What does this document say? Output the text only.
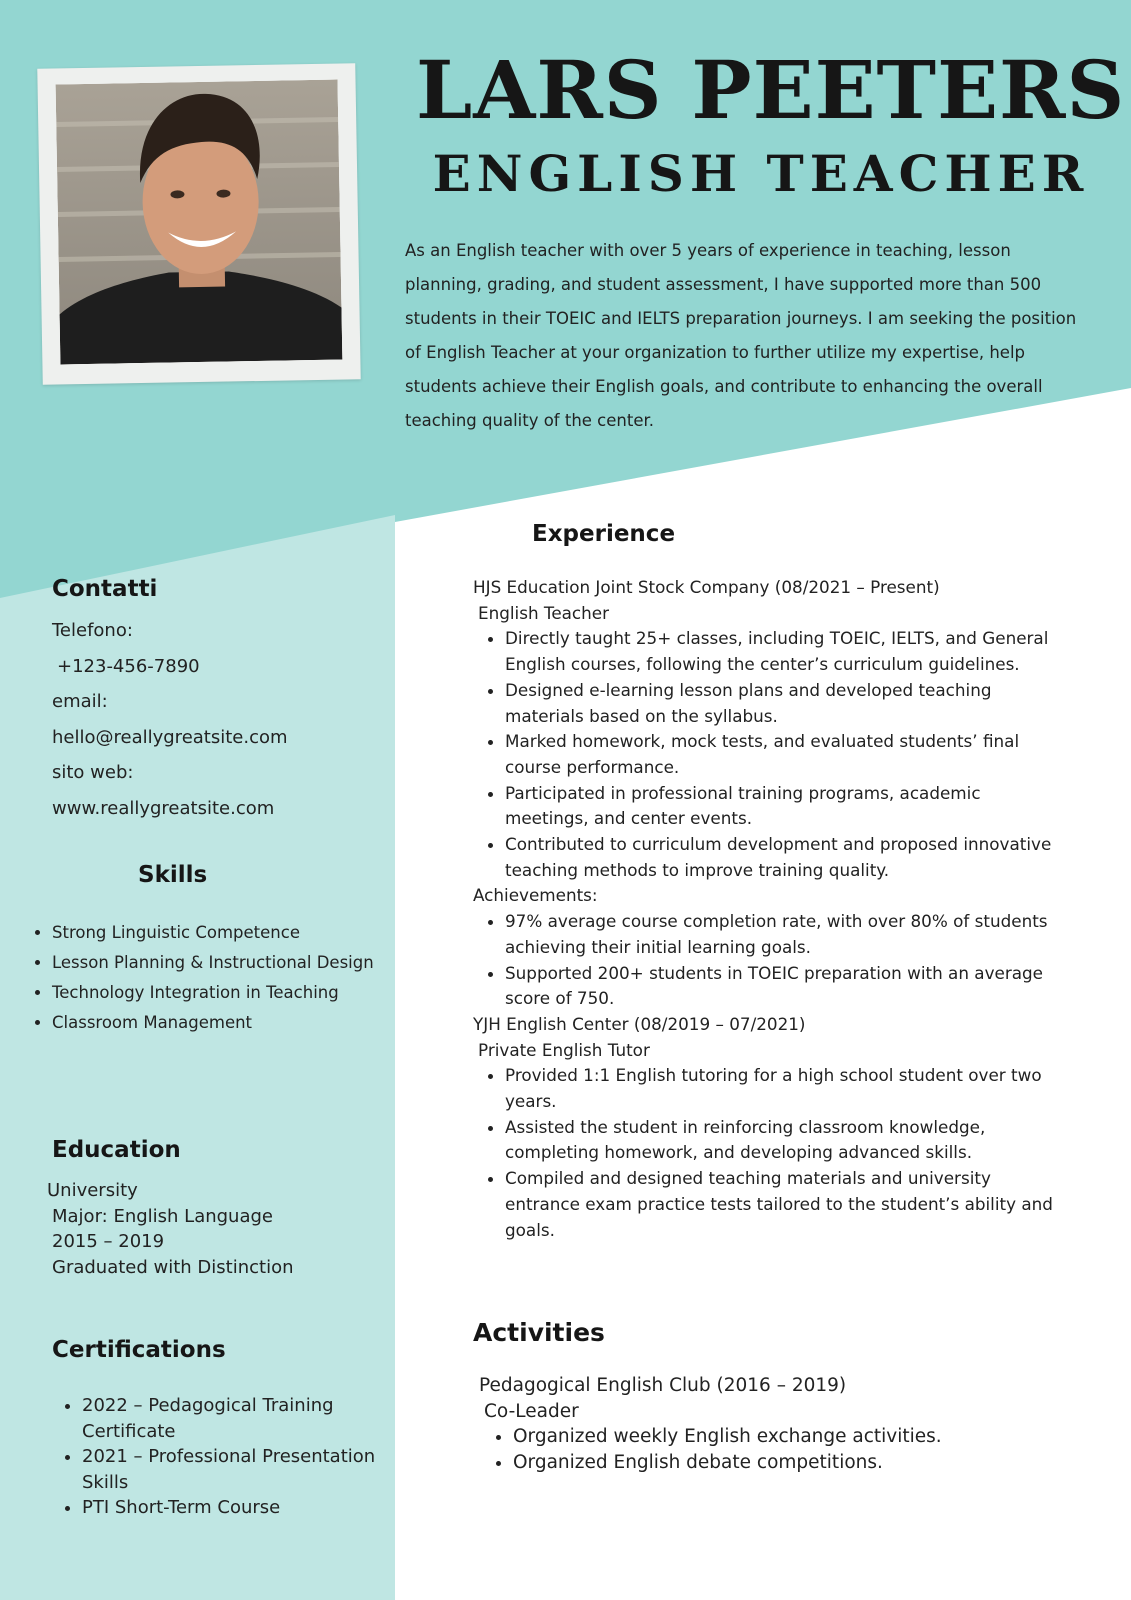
LARS PEETERS
ENGLISH TEACHER
As an English teacher with over 5 years of experience in teaching, lesson planning, grading, and student assessment, I have supported more than 500 students in their TOEIC and IELTS preparation journeys. I am seeking the position of English Teacher at your organization to further utilize my expertise, help students achieve their English goals, and contribute to enhancing the overall teaching quality of the center.
Contatti
Telefono:
+123-456-7890
email:
hello@reallygreatsite.com
sito web:
www.reallygreatsite.com
Skills
• Strong Linguistic Competence
• Lesson Planning & Instructional Design
• Technology Integration in Teaching
• Classroom Management
Education
University
Major: English Language
2015 – 2019
Graduated with Distinction
Certifications
• 2022 – Pedagogical Training Certificate
• 2021 – Professional Presentation Skills
• PTI Short-Term Course
Experience
HJS Education Joint Stock Company (08/2021 – Present)
English Teacher
• Directly taught 25+ classes, including TOEIC, IELTS, and General English courses, following the center’s curriculum guidelines.
• Designed e-learning lesson plans and developed teaching materials based on the syllabus.
• Marked homework, mock tests, and evaluated students’ final course performance.
• Participated in professional training programs, academic meetings, and center events.
• Contributed to curriculum development and proposed innovative teaching methods to improve training quality.
Achievements:
• 97% average course completion rate, with over 80% of students achieving their initial learning goals.
• Supported 200+ students in TOEIC preparation with an average score of 750.
YJH English Center (08/2019 – 07/2021)
Private English Tutor
• Provided 1:1 English tutoring for a high school student over two years.
• Assisted the student in reinforcing classroom knowledge, completing homework, and developing advanced skills.
• Compiled and designed teaching materials and university entrance exam practice tests tailored to the student’s ability and goals.
Activities
Pedagogical English Club (2016 – 2019)
Co-Leader
• Organized weekly English exchange activities.
• Organized English debate competitions.
